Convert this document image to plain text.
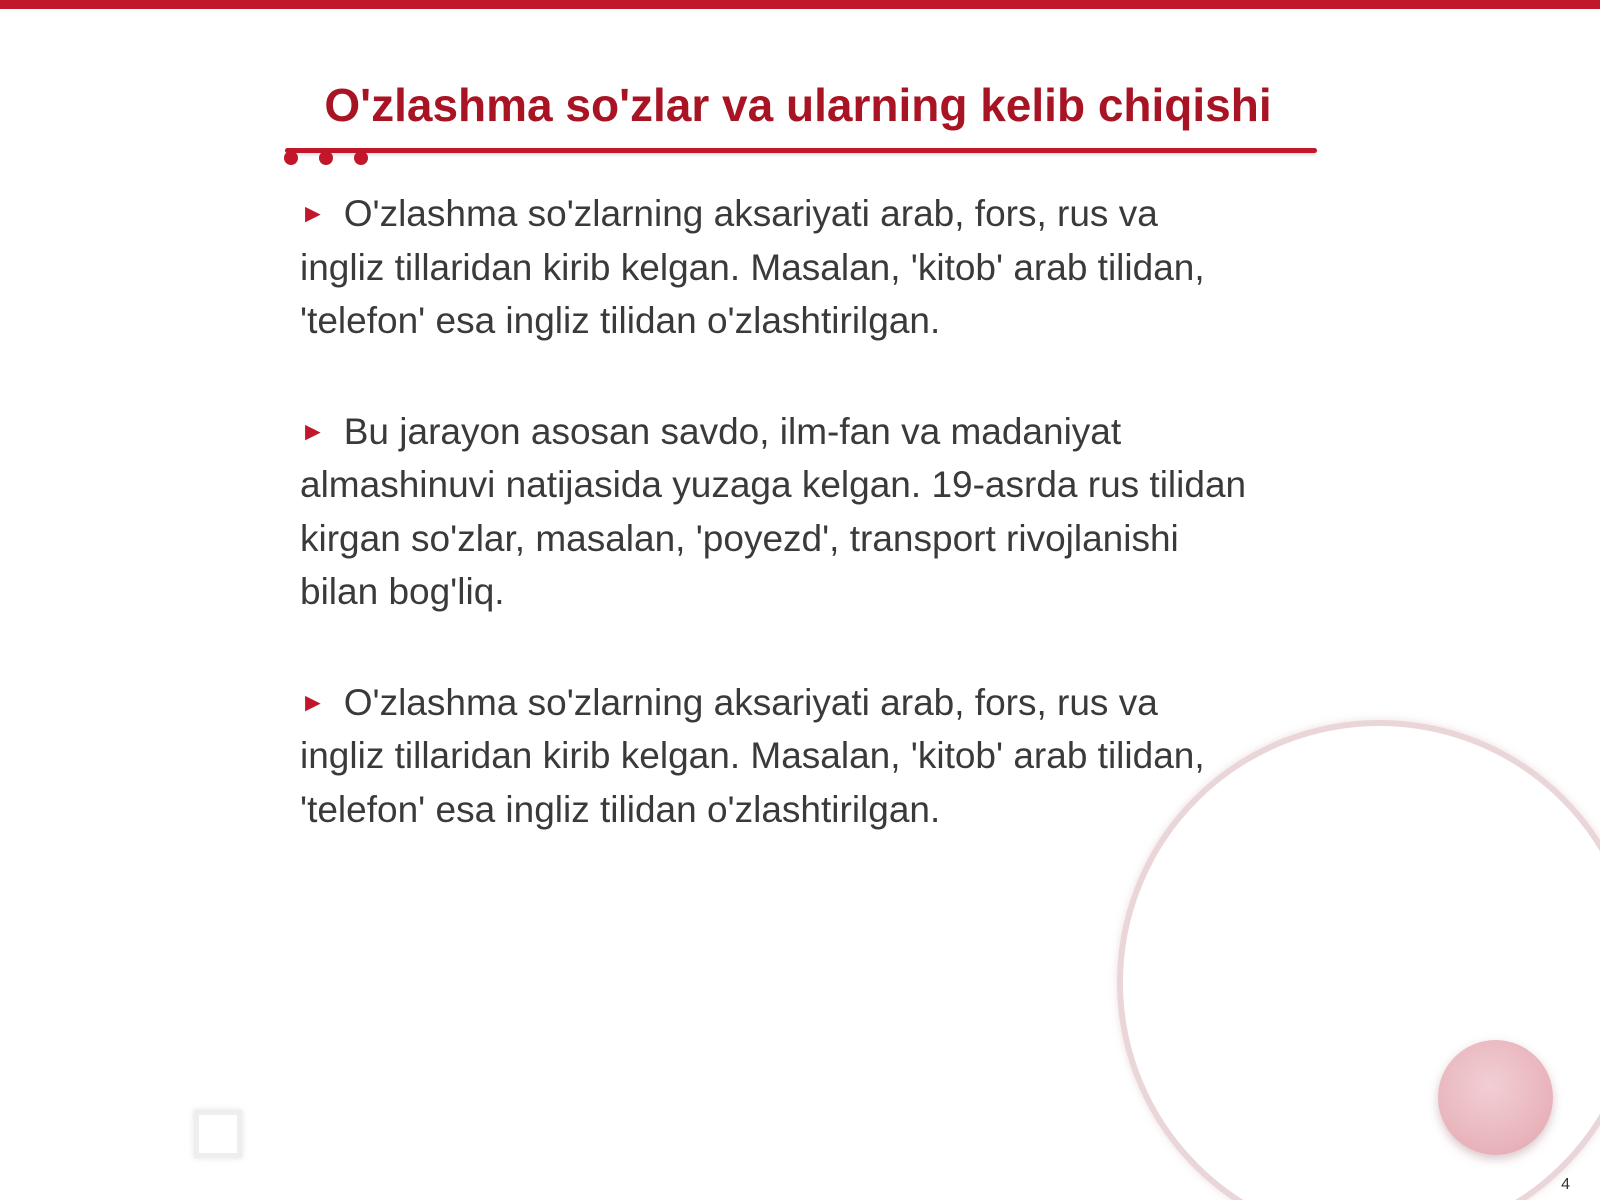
O'zlashma so'zlar va ularning kelib chiqishi

► O'zlashma so'zlarning aksariyati arab, fors, rus va ingliz tillaridan kirib kelgan. Masalan, 'kitob' arab tilidan, 'telefon' esa ingliz tilidan o'zlashtirilgan.

► Bu jarayon asosan savdo, ilm-fan va madaniyat almashinuvi natijasida yuzaga kelgan. 19-asrda rus tilidan kirgan so'zlar, masalan, 'poyezd', transport rivojlanishi bilan bog'liq.

► O'zlashma so'zlarning aksariyati arab, fors, rus va ingliz tillaridan kirib kelgan. Masalan, 'kitob' arab tilidan, 'telefon' esa ingliz tilidan o'zlashtirilgan.

4
